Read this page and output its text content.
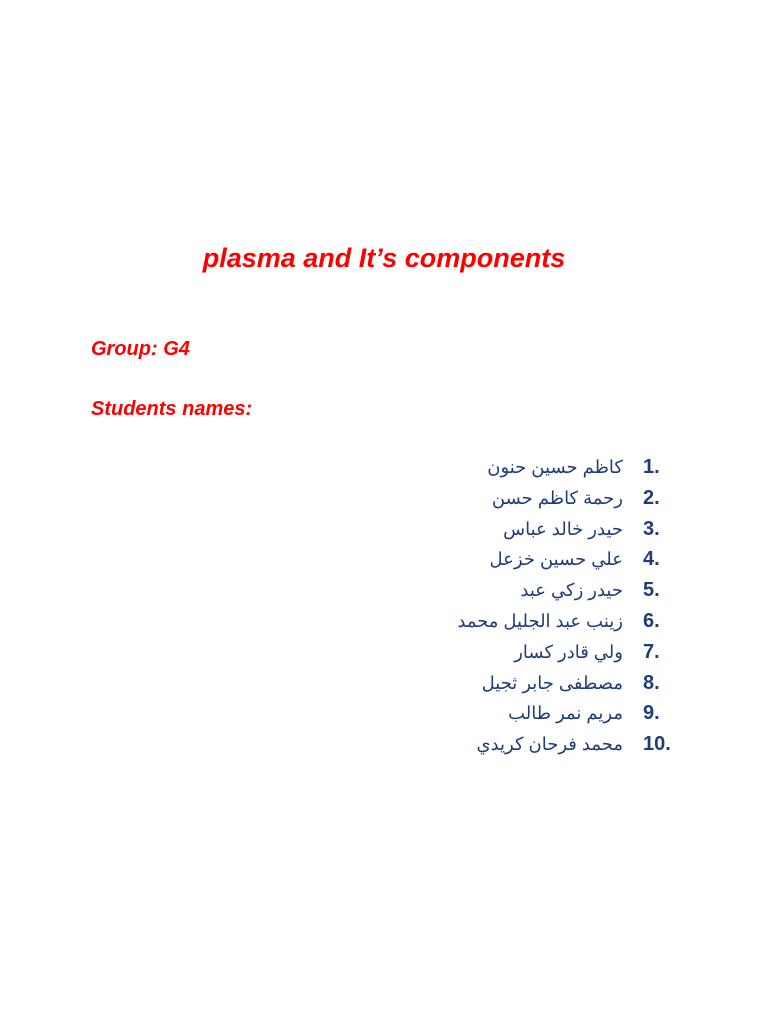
plasma and It’s components

Group: G4

Students names:

1.
كاظم حسين حنون
2.
رحمة كاظم حسن
3.
حيدر خالد عباس
4.
علي حسين خزعل
5.
حيدر زكي عبد
6.
زينب عبد الجليل محمد
7.
ولي قادر كسار
8.
مصطفى جابر ثجيل
9.
مريم نمر طالب
10.
محمد فرحان كريدي
